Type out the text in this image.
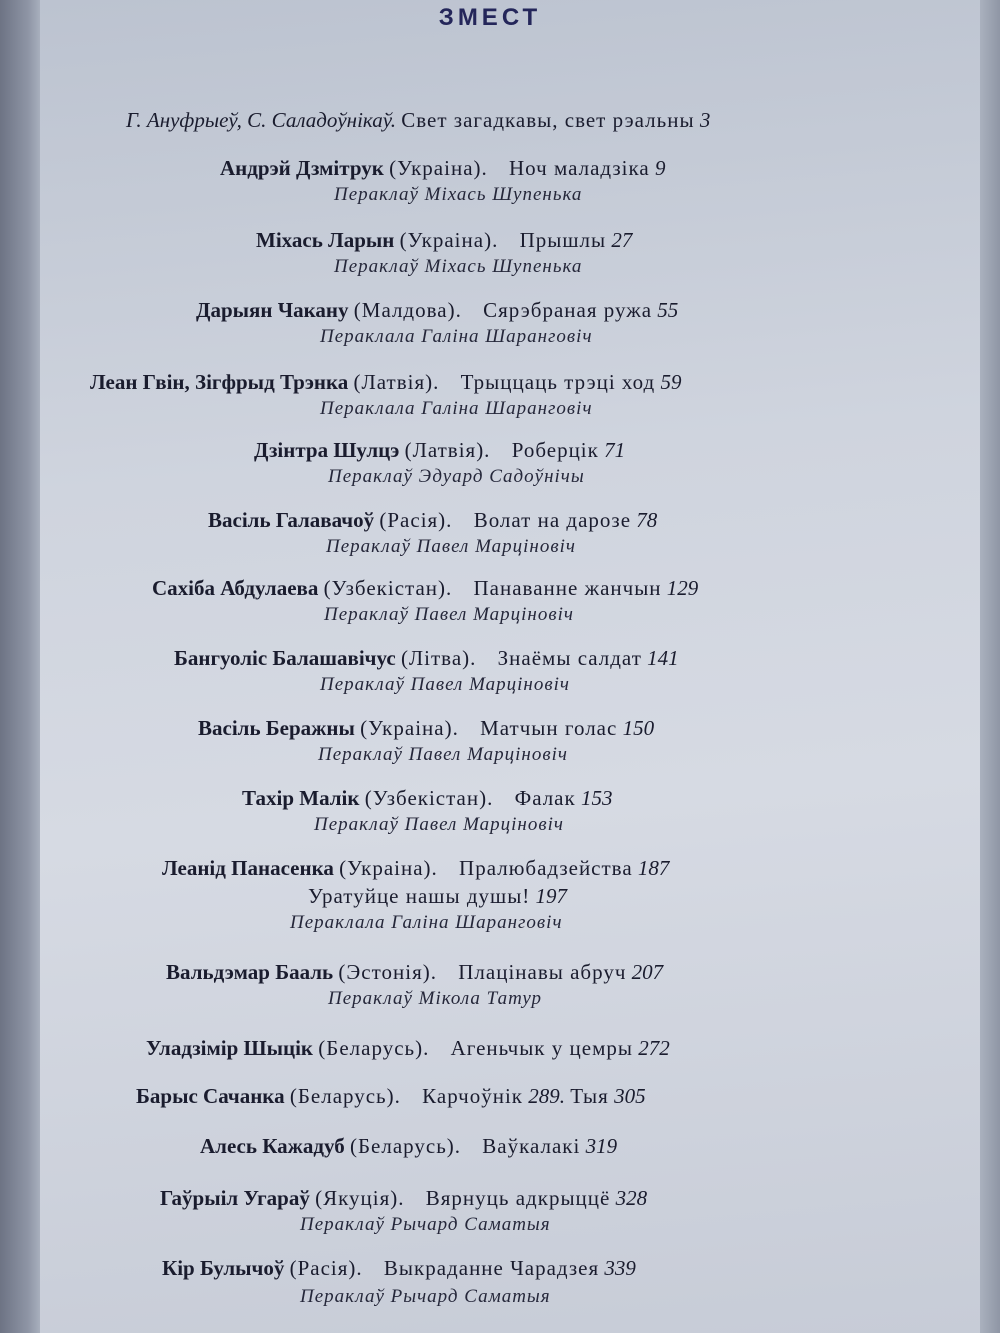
ЗМЕСТ
Г. Ануфрыеў, С. Саладоўнікаў. Свет загадкавы, свет рэальны 3
Андрэй Дзмітрук (Украіна). Ноч маладзіка 9
Пераклаў Міхась Шупенька
Міхась Ларын (Украіна). Прышлы 27
Пераклаў Міхась Шупенька
Дарыян Чакану (Малдова). Сярэбраная ружа 55
Пераклала Галіна Шаранговіч
Леан Гвін, Зігфрыд Трэнка (Латвія). Трыццаць трэці ход 59
Пераклала Галіна Шаранговіч
Дзінтра Шулцэ (Латвія). Роберцік 71
Пераклаў Эдуард Садоўнічы
Васіль Галавачоў (Расія). Волат на дарозе 78
Пераклаў Павел Марціновіч
Сахіба Абдулаева (Узбекістан). Панаванне жанчын 129
Пераклаў Павел Марціновіч
Бангуоліс Балашавічус (Літва). Знаёмы салдат 141
Пераклаў Павел Марціновіч
Васіль Беражны (Украіна). Матчын голас 150
Пераклаў Павел Марціновіч
Тахір Малік (Узбекістан). Фалак 153
Пераклаў Павел Марціновіч
Леанід Панасенка (Украіна). Пралюбадзейства 187
Уратуйце нашы душы! 197
Пераклала Галіна Шаранговіч
Вальдэмар Бааль (Эстонія). Плацінавы абруч 207
Пераклаў Мікола Татур
Уладзімір Шыцік (Беларусь). Агеньчык у цемры 272
Барыс Сачанка (Беларусь). Карчоўнік 289. Тыя 305
Алесь Кажадуб (Беларусь). Ваўкалакі 319
Гаўрыіл Угараў (Якуція). Вярнуць адкрыццё 328
Пераклаў Рычард Саматыя
Кір Булычоў (Расія). Выкраданне Чарадзея 339
Пераклаў Рычард Саматыя
